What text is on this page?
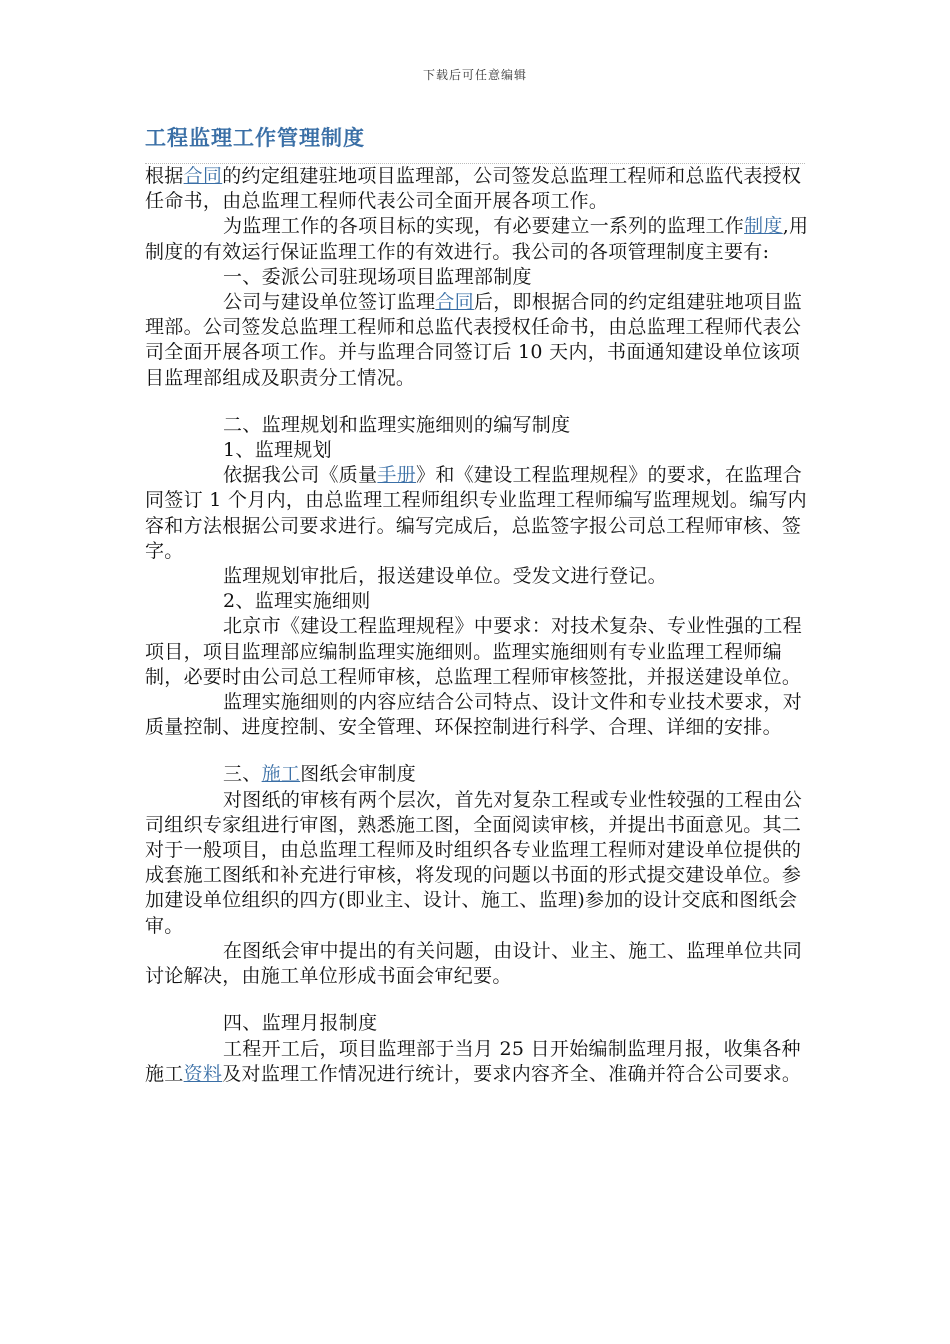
下载后可任意编辑
工程监理工作管理制度

根据合同的约定组建驻地项目监理部，公司签发总监理工程师和总监代表授权任命书，由总监理工程师代表公司全面开展各项工作。

为监理工作的各项目标的实现，有必要建立一系列的监理工作制度,用制度的有效运行保证监理工作的有效进行。我公司的各项管理制度主要有:

一、委派公司驻现场项目监理部制度

公司与建设单位签订监理合同后，即根据合同的约定组建驻地项目监理部。公司签发总监理工程师和总监代表授权任命书，由总监理工程师代表公司全面开展各项工作。并与监理合同签订后 10 天内，书面通知建设单位该项目监理部组成及职责分工情况。

二、监理规划和监理实施细则的编写制度

1、监理规划

依据我公司《质量手册》和《建设工程监理规程》的要求，在监理合同签订 1 个月内，由总监理工程师组织专业监理工程师编写监理规划。编写内容和方法根据公司要求进行。编写完成后，总监签字报公司总工程师审核、签字。

监理规划审批后，报送建设单位。受发文进行登记。

2、监理实施细则

北京市《建设工程监理规程》中要求：对技术复杂、专业性强的工程项目，项目监理部应编制监理实施细则。监理实施细则有专业监理工程师编制，必要时由公司总工程师审核，总监理工程师审核签批，并报送建设单位。

监理实施细则的内容应结合公司特点、设计文件和专业技术要求，对质量控制、进度控制、安全管理、环保控制进行科学、合理、详细的安排。

三、施工图纸会审制度

对图纸的审核有两个层次，首先对复杂工程或专业性较强的工程由公司组织专家组进行审图，熟悉施工图，全面阅读审核，并提出书面意见。其二对于一般项目，由总监理工程师及时组织各专业监理工程师对建设单位提供的成套施工图纸和补充进行审核，将发现的问题以书面的形式提交建设单位。参加建设单位组织的四方(即业主、设计、施工、监理)参加的设计交底和图纸会审。

在图纸会审中提出的有关问题，由设计、业主、施工、监理单位共同讨论解决，由施工单位形成书面会审纪要。

四、监理月报制度

工程开工后，项目监理部于当月 25 日开始编制监理月报，收集各种施工资料及对监理工作情况进行统计，要求内容齐全、准确并符合公司要求。
